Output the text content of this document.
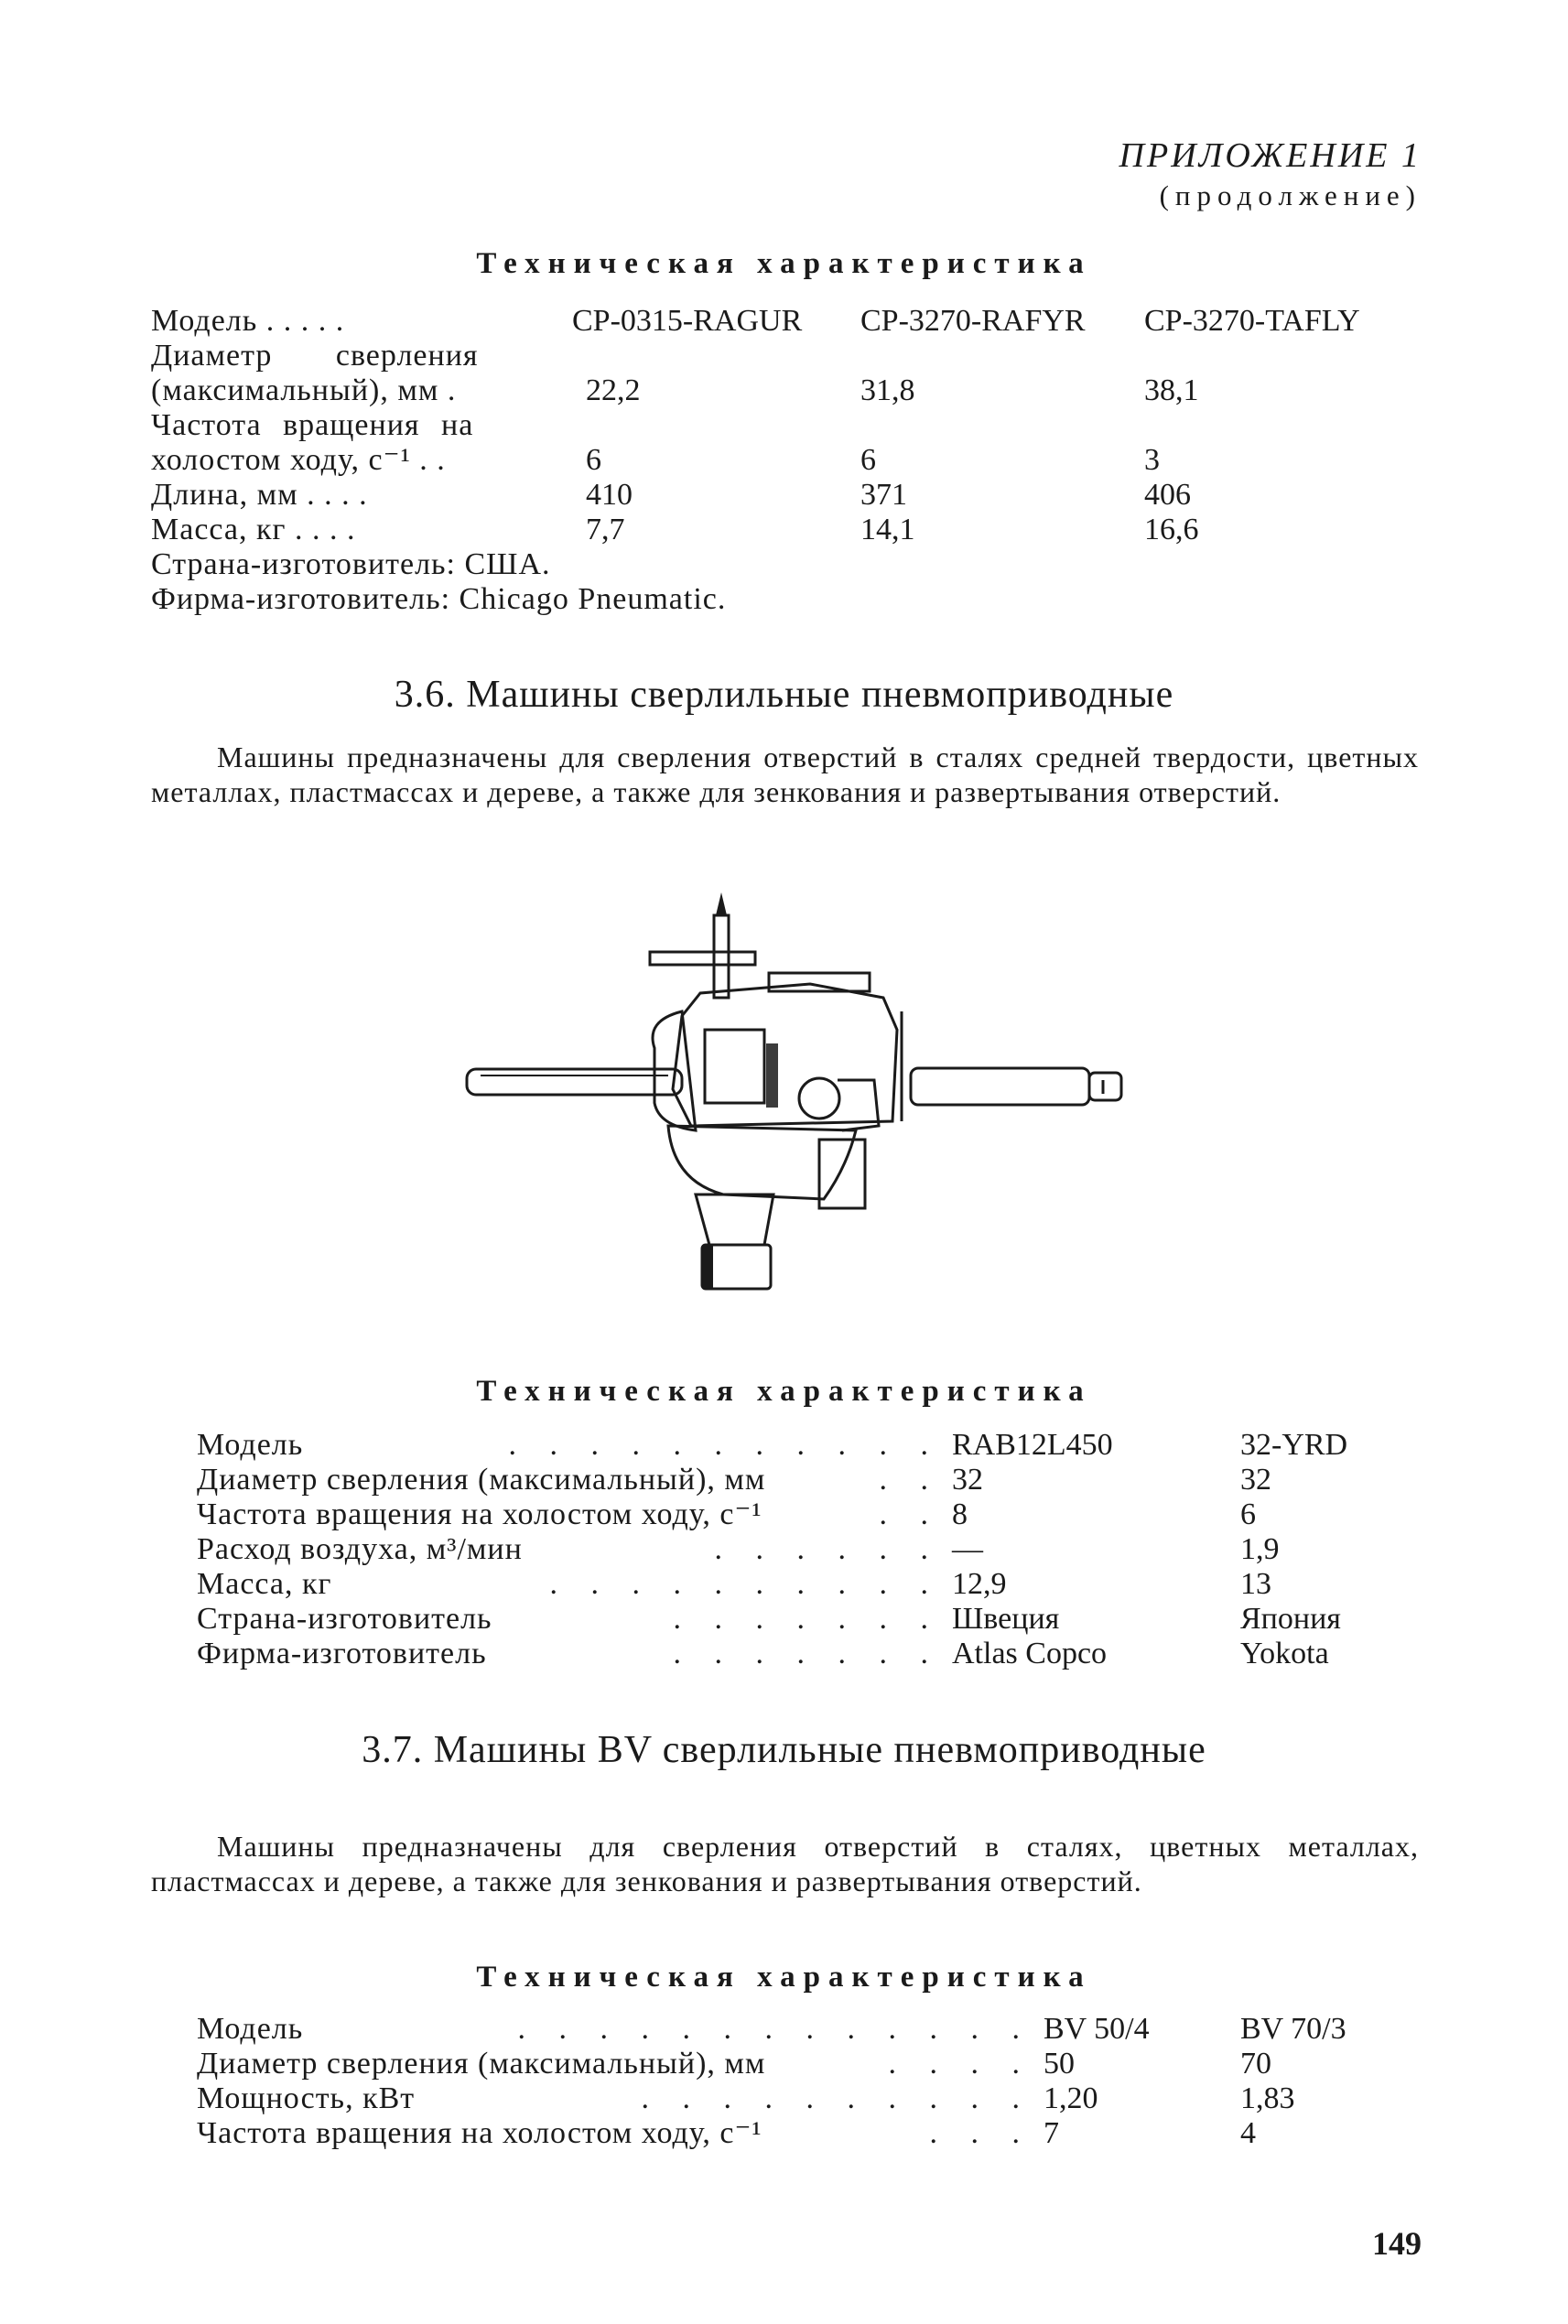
ПРИЛОЖЕНИЕ 1
(продолжение)
Техническая характеристика
Модель . . . . .	CP-0315-RAGUR CP-3270-RAFYR CP-3270-TAFLY
Диаметр сверления
(максимальный), мм .	22,2	31,8	38,1
Частота вращения на
холостом ходу, с⁻¹ . .	6	6	3
Длина, мм . . . .	410	371	406
Масса, кг . . . .	7,7	14,1	16,6
Страна-изготовитель: США.
Фирма-изготовитель: Chicago Pneumatic.
3.6. Машины сверлильные пневмоприводные
Машины предназначены для сверления отверстий в сталях средней твердости, цветных металлах, пластмассах и дереве, а также для зенкования и развертывания отверстий.
Техническая характеристика
Модель	. . . . . . . . . . . RAB12L450	32-YRD
Диаметр сверления (максимальный), мм	. . 32	32
Частота вращения на холостом ходу, с⁻¹	. . 8	6
Расход воздуха, м³/мин	. . . . . . —	1,9
Масса, кг	. . . . . . . . . . 12,9	13
Страна-изготовитель	. . . . . . . Швеция	Япония
Фирма-изготовитель	. . . . . . . Atlas Copco	Yokota
3.7. Машины BV сверлильные пневмоприводные
Машины предназначены для сверления отверстий в сталях, цветных металлах, пластмассах и дереве, а также для зенкования и развертывания отверстий.
Техническая характеристика
Модель	. . . . . . . . . . . . . BV 50/4	BV 70/3
Диаметр сверления (максимальный), мм	. . . . 50	70
Мощность, кВт	. . . . . . . . . . 1,20	1,83
Частота вращения на холостом ходу, с⁻¹	. . . 7	4
149
